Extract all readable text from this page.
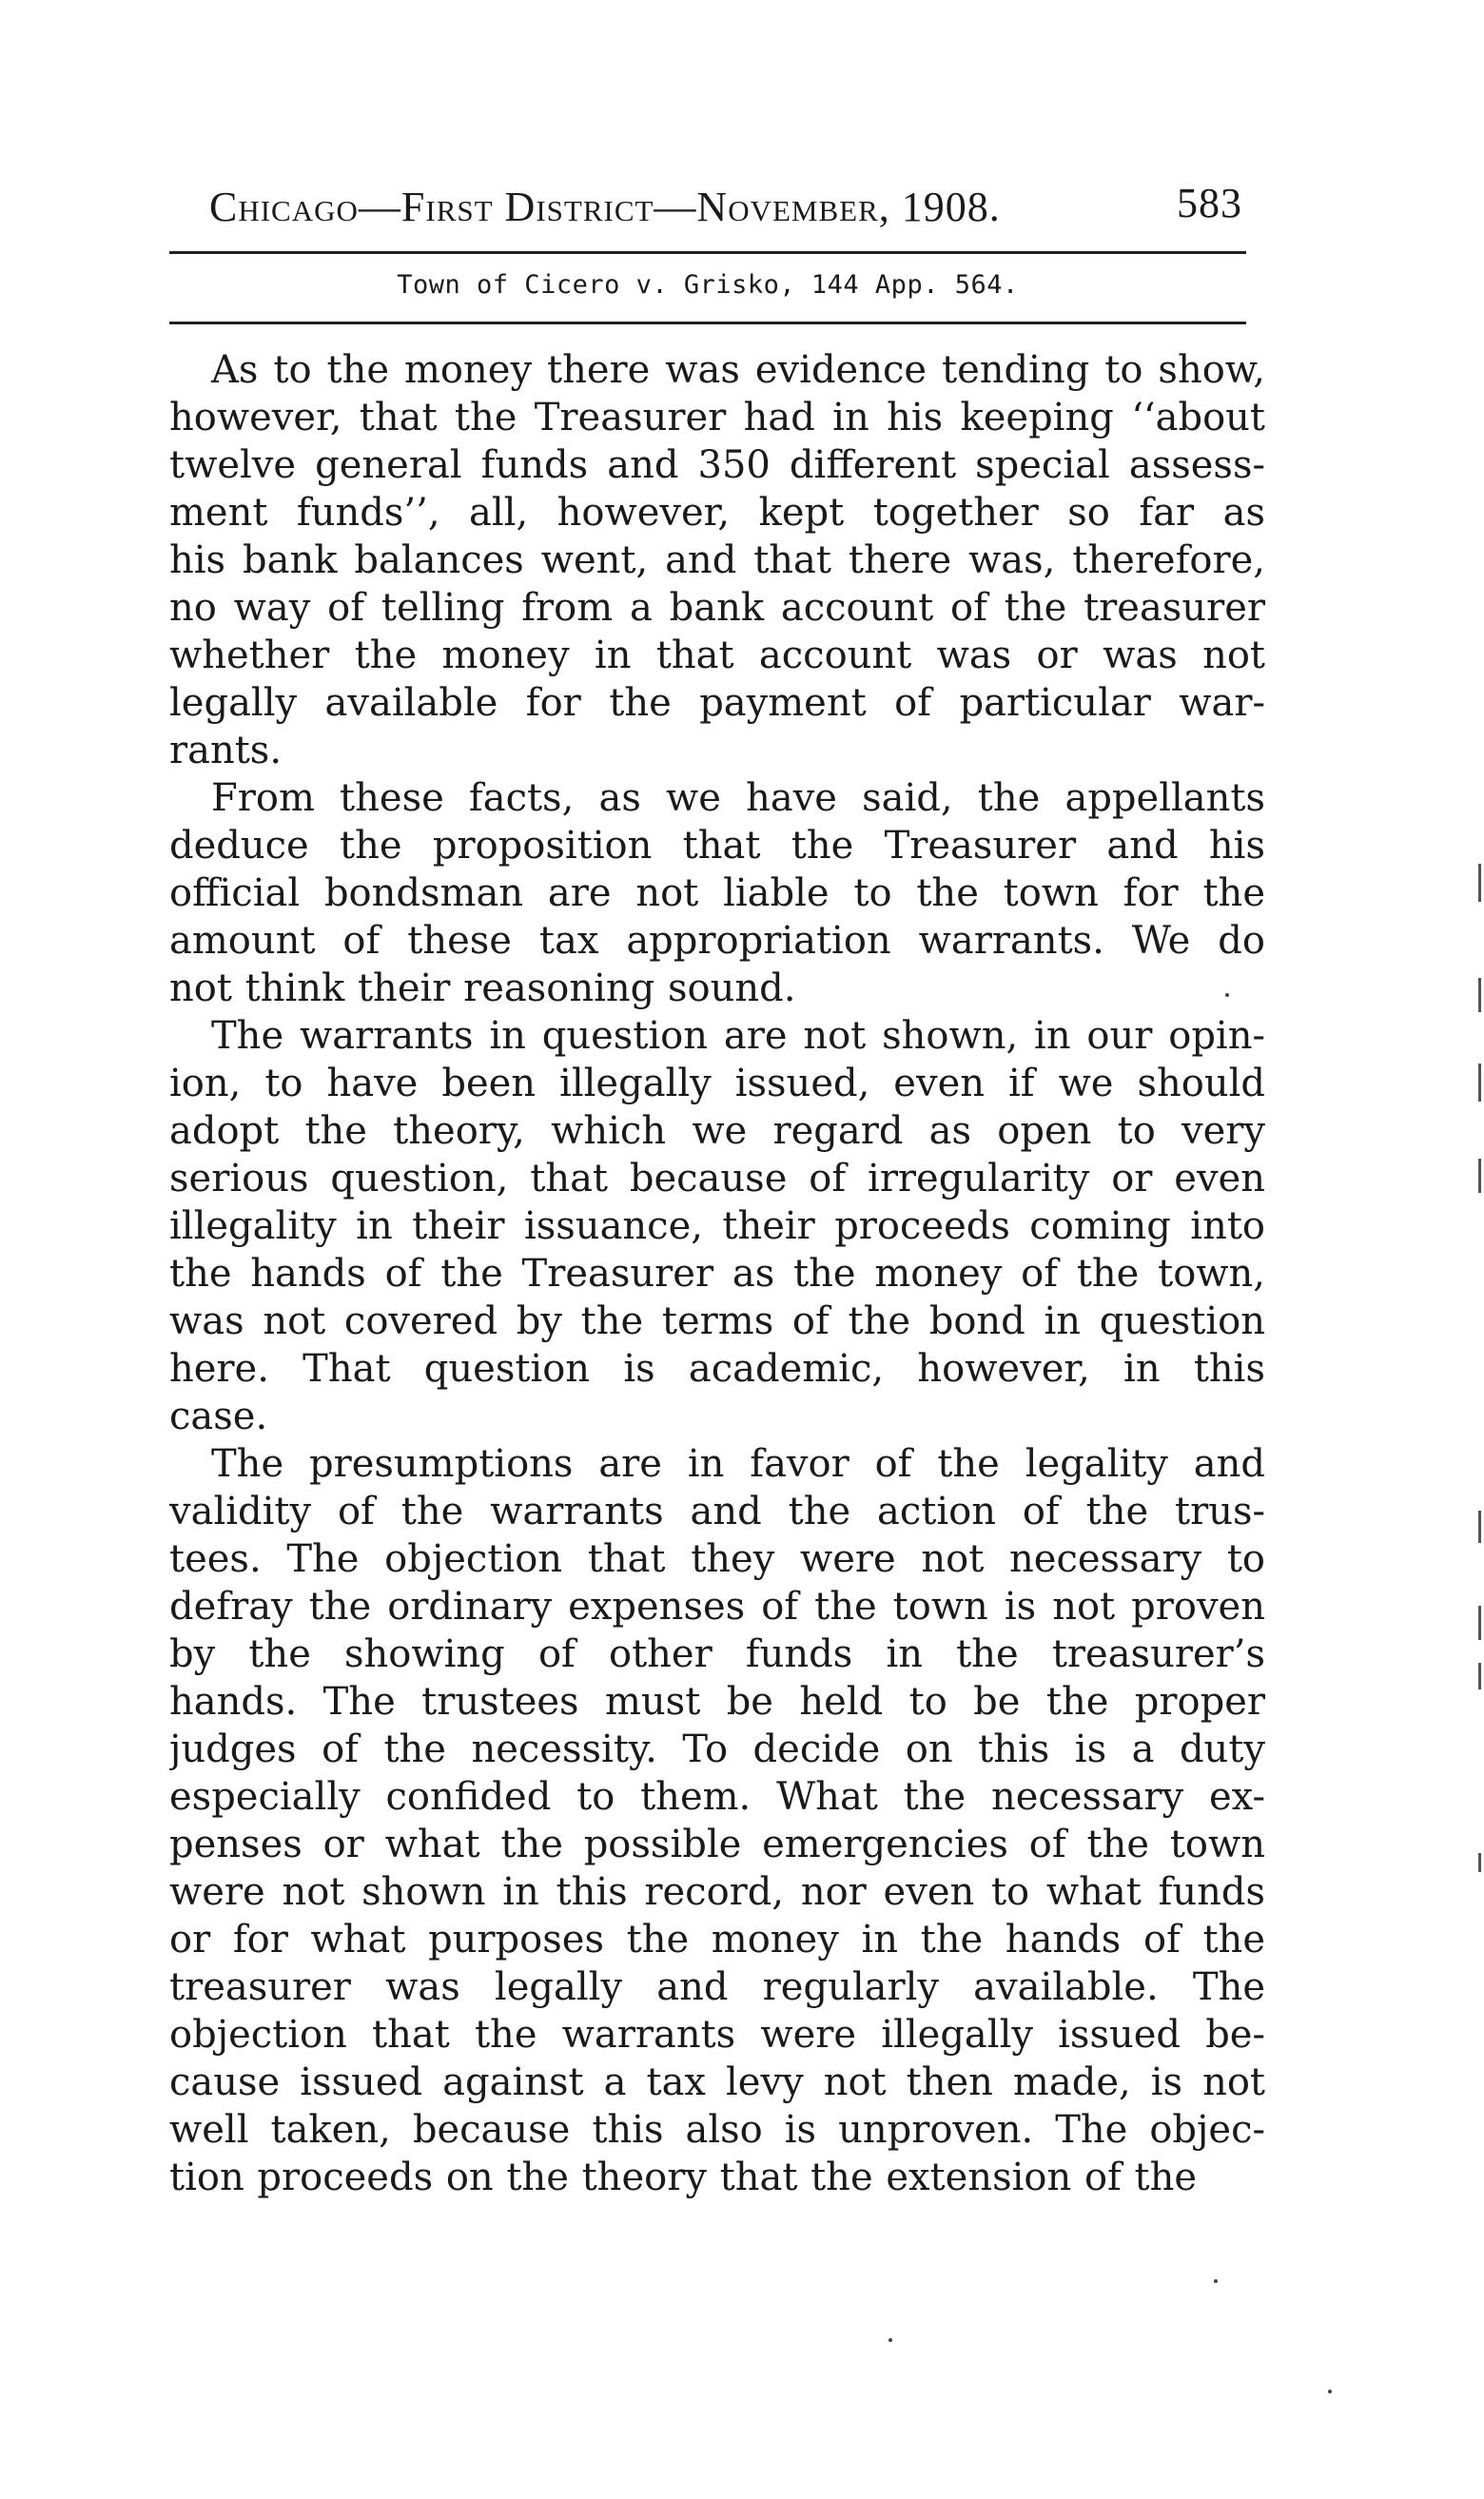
Chicago—First District—November, 1908.	583
Town of Cicero v. Grisko, 144 App. 564.
As to the money there was evidence tending to show,
however, that the Treasurer had in his keeping ‘‘about
twelve general funds and 350 different special assess-
ment funds’’, all, however, kept together so far as
his bank balances went, and that there was, therefore,
no way of telling from a bank account of the treasurer
whether the money in that account was or was not
legally available for the payment of particular war-
rants.
From these facts, as we have said, the appellants
deduce the proposition that the Treasurer and his
official bondsman are not liable to the town for the
amount of these tax appropriation warrants. We do
not think their reasoning sound.
The warrants in question are not shown, in our opin-
ion, to have been illegally issued, even if we should
adopt the theory, which we regard as open to very
serious question, that because of irregularity or even
illegality in their issuance, their proceeds coming into
the hands of the Treasurer as the money of the town,
was not covered by the terms of the bond in question
here. That question is academic, however, in this
case.
The presumptions are in favor of the legality and
validity of the warrants and the action of the trus-
tees. The objection that they were not necessary to
defray the ordinary expenses of the town is not proven
by the showing of other funds in the treasurer’s
hands. The trustees must be held to be the proper
judges of the necessity. To decide on this is a duty
especially confided to them. What the necessary ex-
penses or what the possible emergencies of the town
were not shown in this record, nor even to what funds
or for what purposes the money in the hands of the
treasurer was legally and regularly available. The
objection that the warrants were illegally issued be-
cause issued against a tax levy not then made, is not
well taken, because this also is unproven. The objec-
tion proceeds on the theory that the extension of the
